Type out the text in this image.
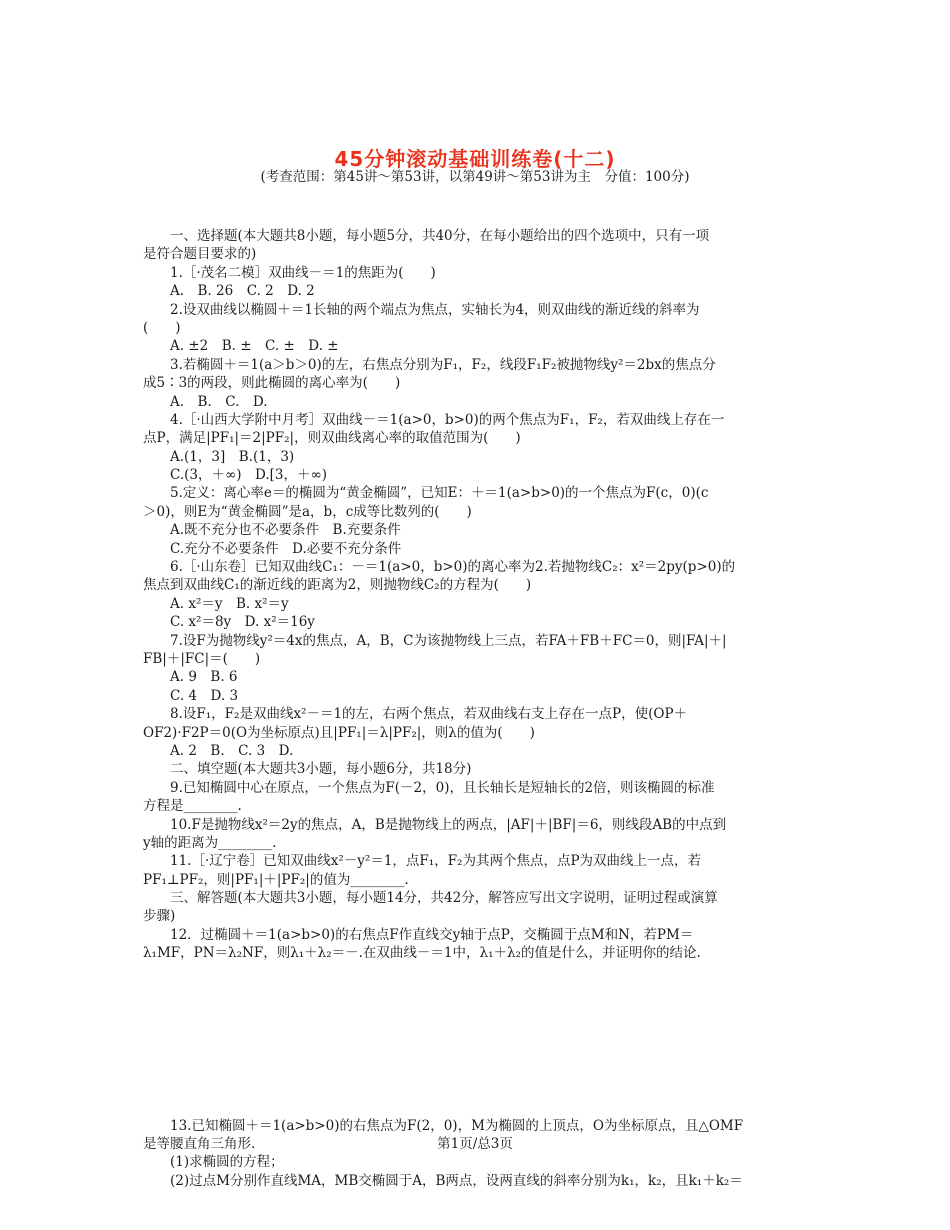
45分钟滚动基础训练卷(十二)
(考查范围：第45讲～第53讲，以第49讲～第53讲为主　分值：100分)
　　一、选择题(本大题共8小题，每小题5分，共40分，在每小题给出的四个选项中，只有一项
是符合题目要求的)
　　1.［·茂名二模］双曲线－＝1的焦距为(　　)
　　A.　B. 26　C. 2　D. 2
　　2.设双曲线以椭圆＋＝1长轴的两个端点为焦点，实轴长为4，则双曲线的渐近线的斜率为
(　　)
　　A. ±2　B. ±　C. ±　D. ±
　　3.若椭圆＋＝1(a＞b＞0)的左，右焦点分别为F₁，F₂，线段F₁F₂被抛物线y²＝2bx的焦点分
成5∶3的两段，则此椭圆的离心率为(　　)
　　A.　B.　C.　D.
　　4.［·山西大学附中月考］双曲线－＝1(a>0，b>0)的两个焦点为F₁，F₂，若双曲线上存在一
点P，满足|PF₁|＝2|PF₂|，则双曲线离心率的取值范围为(　　)
　　A.(1，3]　B.(1，3)
　　C.(3，＋∞)　D.[3，＋∞)
　　5.定义：离心率e＝的椭圆为“黄金椭圆”，已知E：＋＝1(a>b>0)的一个焦点为F(c，0)(c
＞0)，则E为“黄金椭圆”是a，b，c成等比数列的(　　)
　　A.既不充分也不必要条件　B.充要条件
　　C.充分不必要条件　D.必要不充分条件
　　6.［·山东卷］已知双曲线C₁：－＝1(a>0，b>0)的离心率为2.若抛物线C₂：x²＝2py(p>0)的
焦点到双曲线C₁的渐近线的距离为2，则抛物线C₂的方程为(　　)
　　A. x²＝y　B. x²＝y
　　C. x²＝8y　D. x²＝16y
　　7.设F为抛物线y²＝4x的焦点，A，B，C为该抛物线上三点，若FA＋FB＋FC＝0，则|FA|＋|
FB|＋|FC|＝(　　)
　　A. 9　B. 6
　　C. 4　D. 3
　　8.设F₁，F₂是双曲线x²－＝1的左，右两个焦点，若双曲线右支上存在一点P，使(OP＋
OF2)·F2P＝0(O为坐标原点)且|PF₁|＝λ|PF₂|，则λ的值为(　　)
　　A. 2　B.　C. 3　D.
　　二、填空题(本大题共3小题，每小题6分，共18分)
　　9.已知椭圆中心在原点，一个焦点为F(－2，0)，且长轴长是短轴长的2倍，则该椭圆的标准
方程是________.
　　10.F是抛物线x²＝2y的焦点，A，B是抛物线上的两点，|AF|＋|BF|＝6，则线段AB的中点到
y轴的距离为________.
　　11.［·辽宁卷］已知双曲线x²－y²＝1，点F₁，F₂为其两个焦点，点P为双曲线上一点，若
PF₁⊥PF₂，则|PF₁|＋|PF₂|的值为________.
　　三、解答题(本大题共3小题，每小题14分，共42分，解答应写出文字说明，证明过程或演算
步骤)
　　12．过椭圆＋＝1(a>b>0)的右焦点F作直线交y轴于点P，交椭圆于点M和N，若PM＝
λ₁MF，PN＝λ₂NF，则λ₁＋λ₂＝－.在双曲线－＝1中，λ₁＋λ₂的值是什么，并证明你的结论.
　　13.已知椭圆＋＝1(a>b>0)的右焦点为F(2，0)，M为椭圆的上顶点，O为坐标原点，且△OMF
是等腰直角三角形.
　　(1)求椭圆的方程；
　　(2)过点M分别作直线MA，MB交椭圆于A，B两点，设两直线的斜率分别为k₁，k₂，且k₁＋k₂＝
第1页/总3页
